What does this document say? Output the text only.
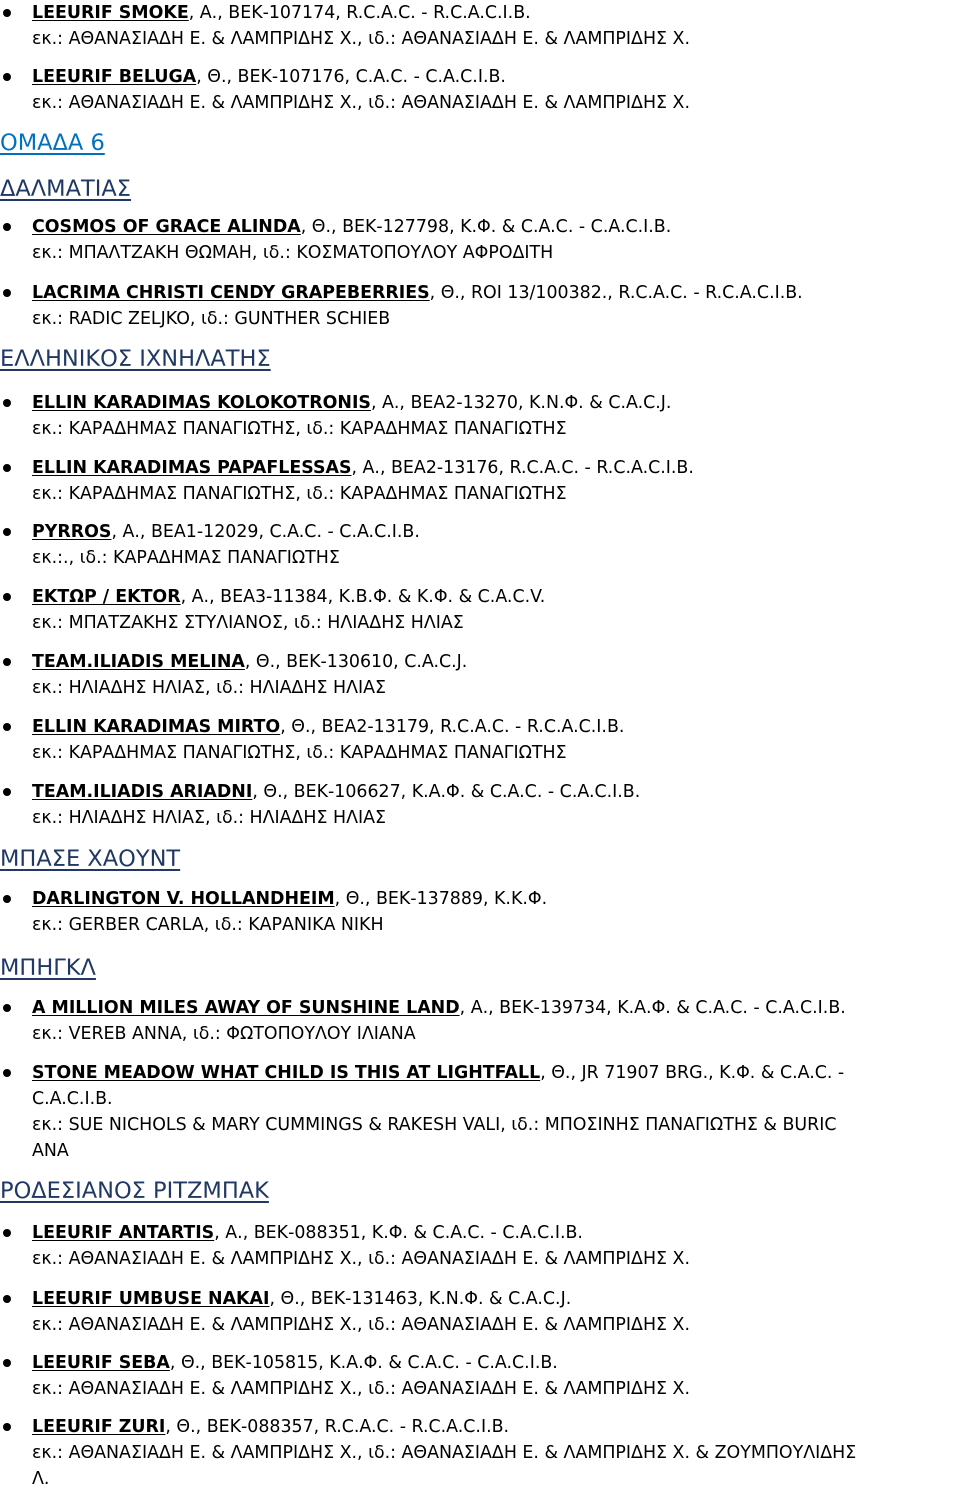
LEEURIF SMOKE, Α., ΒΕΚ-107174, R.C.A.C. - R.C.A.C.I.B.
εκ.: ΑΘΑΝΑΣΙΑΔΗ Ε. & ΛΑΜΠΡΙΔΗΣ Χ., ιδ.: ΑΘΑΝΑΣΙΑΔΗ Ε. & ΛΑΜΠΡΙΔΗΣ Χ.
LEEURIF BELUGA, Θ., ΒΕΚ-107176, C.A.C. - C.A.C.I.B.
εκ.: ΑΘΑΝΑΣΙΑΔΗ Ε. & ΛΑΜΠΡΙΔΗΣ Χ., ιδ.: ΑΘΑΝΑΣΙΑΔΗ Ε. & ΛΑΜΠΡΙΔΗΣ Χ.
ΟΜΑΔΑ 6
ΔΑΛΜΑΤΙΑΣ
COSMOS OF GRACE ALINDA, Θ., ΒΕΚ-127798, Κ.Φ. & C.A.C. - C.A.C.I.B.
εκ.: ΜΠΑΛΤΖΑΚΗ ΘΩΜΑΗ, ιδ.: ΚΟΣΜΑΤΟΠΟΥΛΟΥ ΑΦΡΟΔΙΤΗ
LACRIMA CHRISTI CENDY GRAPEBERRIES, Θ., ROI 13/100382., R.C.A.C. - R.C.A.C.I.B.
εκ.: RADIC ZELJKO, ιδ.: GUNTHER SCHIEB
ΕΛΛΗΝΙΚΟΣ ΙΧΝΗΛΑΤΗΣ
ELLIN KARADIMAS KOLOKOTRONIS, Α., ΒΕΑ2-13270, Κ.Ν.Φ. & C.A.C.J.
εκ.: ΚΑΡΑΔΗΜΑΣ ΠΑΝΑΓΙΩΤΗΣ, ιδ.: ΚΑΡΑΔΗΜΑΣ ΠΑΝΑΓΙΩΤΗΣ
ELLIN KARADIMAS PAPAFLESSAS, Α., ΒΕΑ2-13176, R.C.A.C. - R.C.A.C.I.B.
εκ.: ΚΑΡΑΔΗΜΑΣ ΠΑΝΑΓΙΩΤΗΣ, ιδ.: ΚΑΡΑΔΗΜΑΣ ΠΑΝΑΓΙΩΤΗΣ
PYRROS, Α., ΒΕΑ1-12029, C.A.C. - C.A.C.I.B.
εκ.:., ιδ.: ΚΑΡΑΔΗΜΑΣ ΠΑΝΑΓΙΩΤΗΣ
ΕΚΤΩΡ / EKTOR, Α., ΒΕΑ3-11384, Κ.Β.Φ. & Κ.Φ. & C.A.C.V.
εκ.: ΜΠΑΤΖΑΚΗΣ ΣΤΥΛΙΑΝΟΣ, ιδ.: ΗΛΙΑΔΗΣ ΗΛΙΑΣ
TEAM.ILIADIS MELINA, Θ., ΒΕΚ-130610, C.A.C.J.
εκ.: ΗΛΙΑΔΗΣ ΗΛΙΑΣ, ιδ.: ΗΛΙΑΔΗΣ ΗΛΙΑΣ
ELLIN KARADIMAS MIRTO, Θ., ΒΕΑ2-13179, R.C.A.C. - R.C.A.C.I.B.
εκ.: ΚΑΡΑΔΗΜΑΣ ΠΑΝΑΓΙΩΤΗΣ, ιδ.: ΚΑΡΑΔΗΜΑΣ ΠΑΝΑΓΙΩΤΗΣ
TEAM.ILIADIS ARIADNI, Θ., ΒΕΚ-106627, Κ.Α.Φ. & C.A.C. - C.A.C.I.B.
εκ.: ΗΛΙΑΔΗΣ ΗΛΙΑΣ, ιδ.: ΗΛΙΑΔΗΣ ΗΛΙΑΣ
ΜΠΑΣΕ ΧΑΟΥΝΤ
DARLINGTON V. HOLLANDHEIM, Θ., ΒΕΚ-137889, Κ.Κ.Φ.
εκ.: GERBER CARLA, ιδ.: ΚΑΡΑΝΙΚΑ ΝΙΚΗ
ΜΠΗΓΚΛ
A MILLION MILES AWAY OF SUNSHINE LAND, Α., ΒΕΚ-139734, Κ.Α.Φ. & C.A.C. - C.A.C.I.B.
εκ.: VEREB ANNA, ιδ.: ΦΩΤΟΠΟΥΛΟΥ ΙΛΙΑΝΑ
STONE MEADOW WHAT CHILD IS THIS AT LIGHTFALL, Θ., JR 71907 BRG., Κ.Φ. & C.A.C. -
C.A.C.I.B.
εκ.: SUE NICHOLS & MARY CUMMINGS & RAKESH VALI, ιδ.: ΜΠΟΣΙΝΗΣ ΠΑΝΑΓΙΩΤΗΣ & BURIC
ANA
ΡΟΔΕΣΙΑΝΟΣ ΡΙΤΖΜΠΑΚ
LEEURIF ANTARTIS, Α., ΒΕΚ-088351, Κ.Φ. & C.A.C. - C.A.C.I.B.
εκ.: ΑΘΑΝΑΣΙΑΔΗ Ε. & ΛΑΜΠΡΙΔΗΣ Χ., ιδ.: ΑΘΑΝΑΣΙΑΔΗ Ε. & ΛΑΜΠΡΙΔΗΣ Χ.
LEEURIF UMBUSE NAKAI, Θ., ΒΕΚ-131463, Κ.Ν.Φ. & C.A.C.J.
εκ.: ΑΘΑΝΑΣΙΑΔΗ Ε. & ΛΑΜΠΡΙΔΗΣ Χ., ιδ.: ΑΘΑΝΑΣΙΑΔΗ Ε. & ΛΑΜΠΡΙΔΗΣ Χ.
LEEURIF SEBA, Θ., ΒΕΚ-105815, Κ.Α.Φ. & C.A.C. - C.A.C.I.B.
εκ.: ΑΘΑΝΑΣΙΑΔΗ Ε. & ΛΑΜΠΡΙΔΗΣ Χ., ιδ.: ΑΘΑΝΑΣΙΑΔΗ Ε. & ΛΑΜΠΡΙΔΗΣ Χ.
LEEURIF ZURI, Θ., ΒΕΚ-088357, R.C.A.C. - R.C.A.C.I.B.
εκ.: ΑΘΑΝΑΣΙΑΔΗ Ε. & ΛΑΜΠΡΙΔΗΣ Χ., ιδ.: ΑΘΑΝΑΣΙΑΔΗ Ε. & ΛΑΜΠΡΙΔΗΣ Χ. & ΖΟΥΜΠΟΥΛΙΔΗΣ
Λ.
